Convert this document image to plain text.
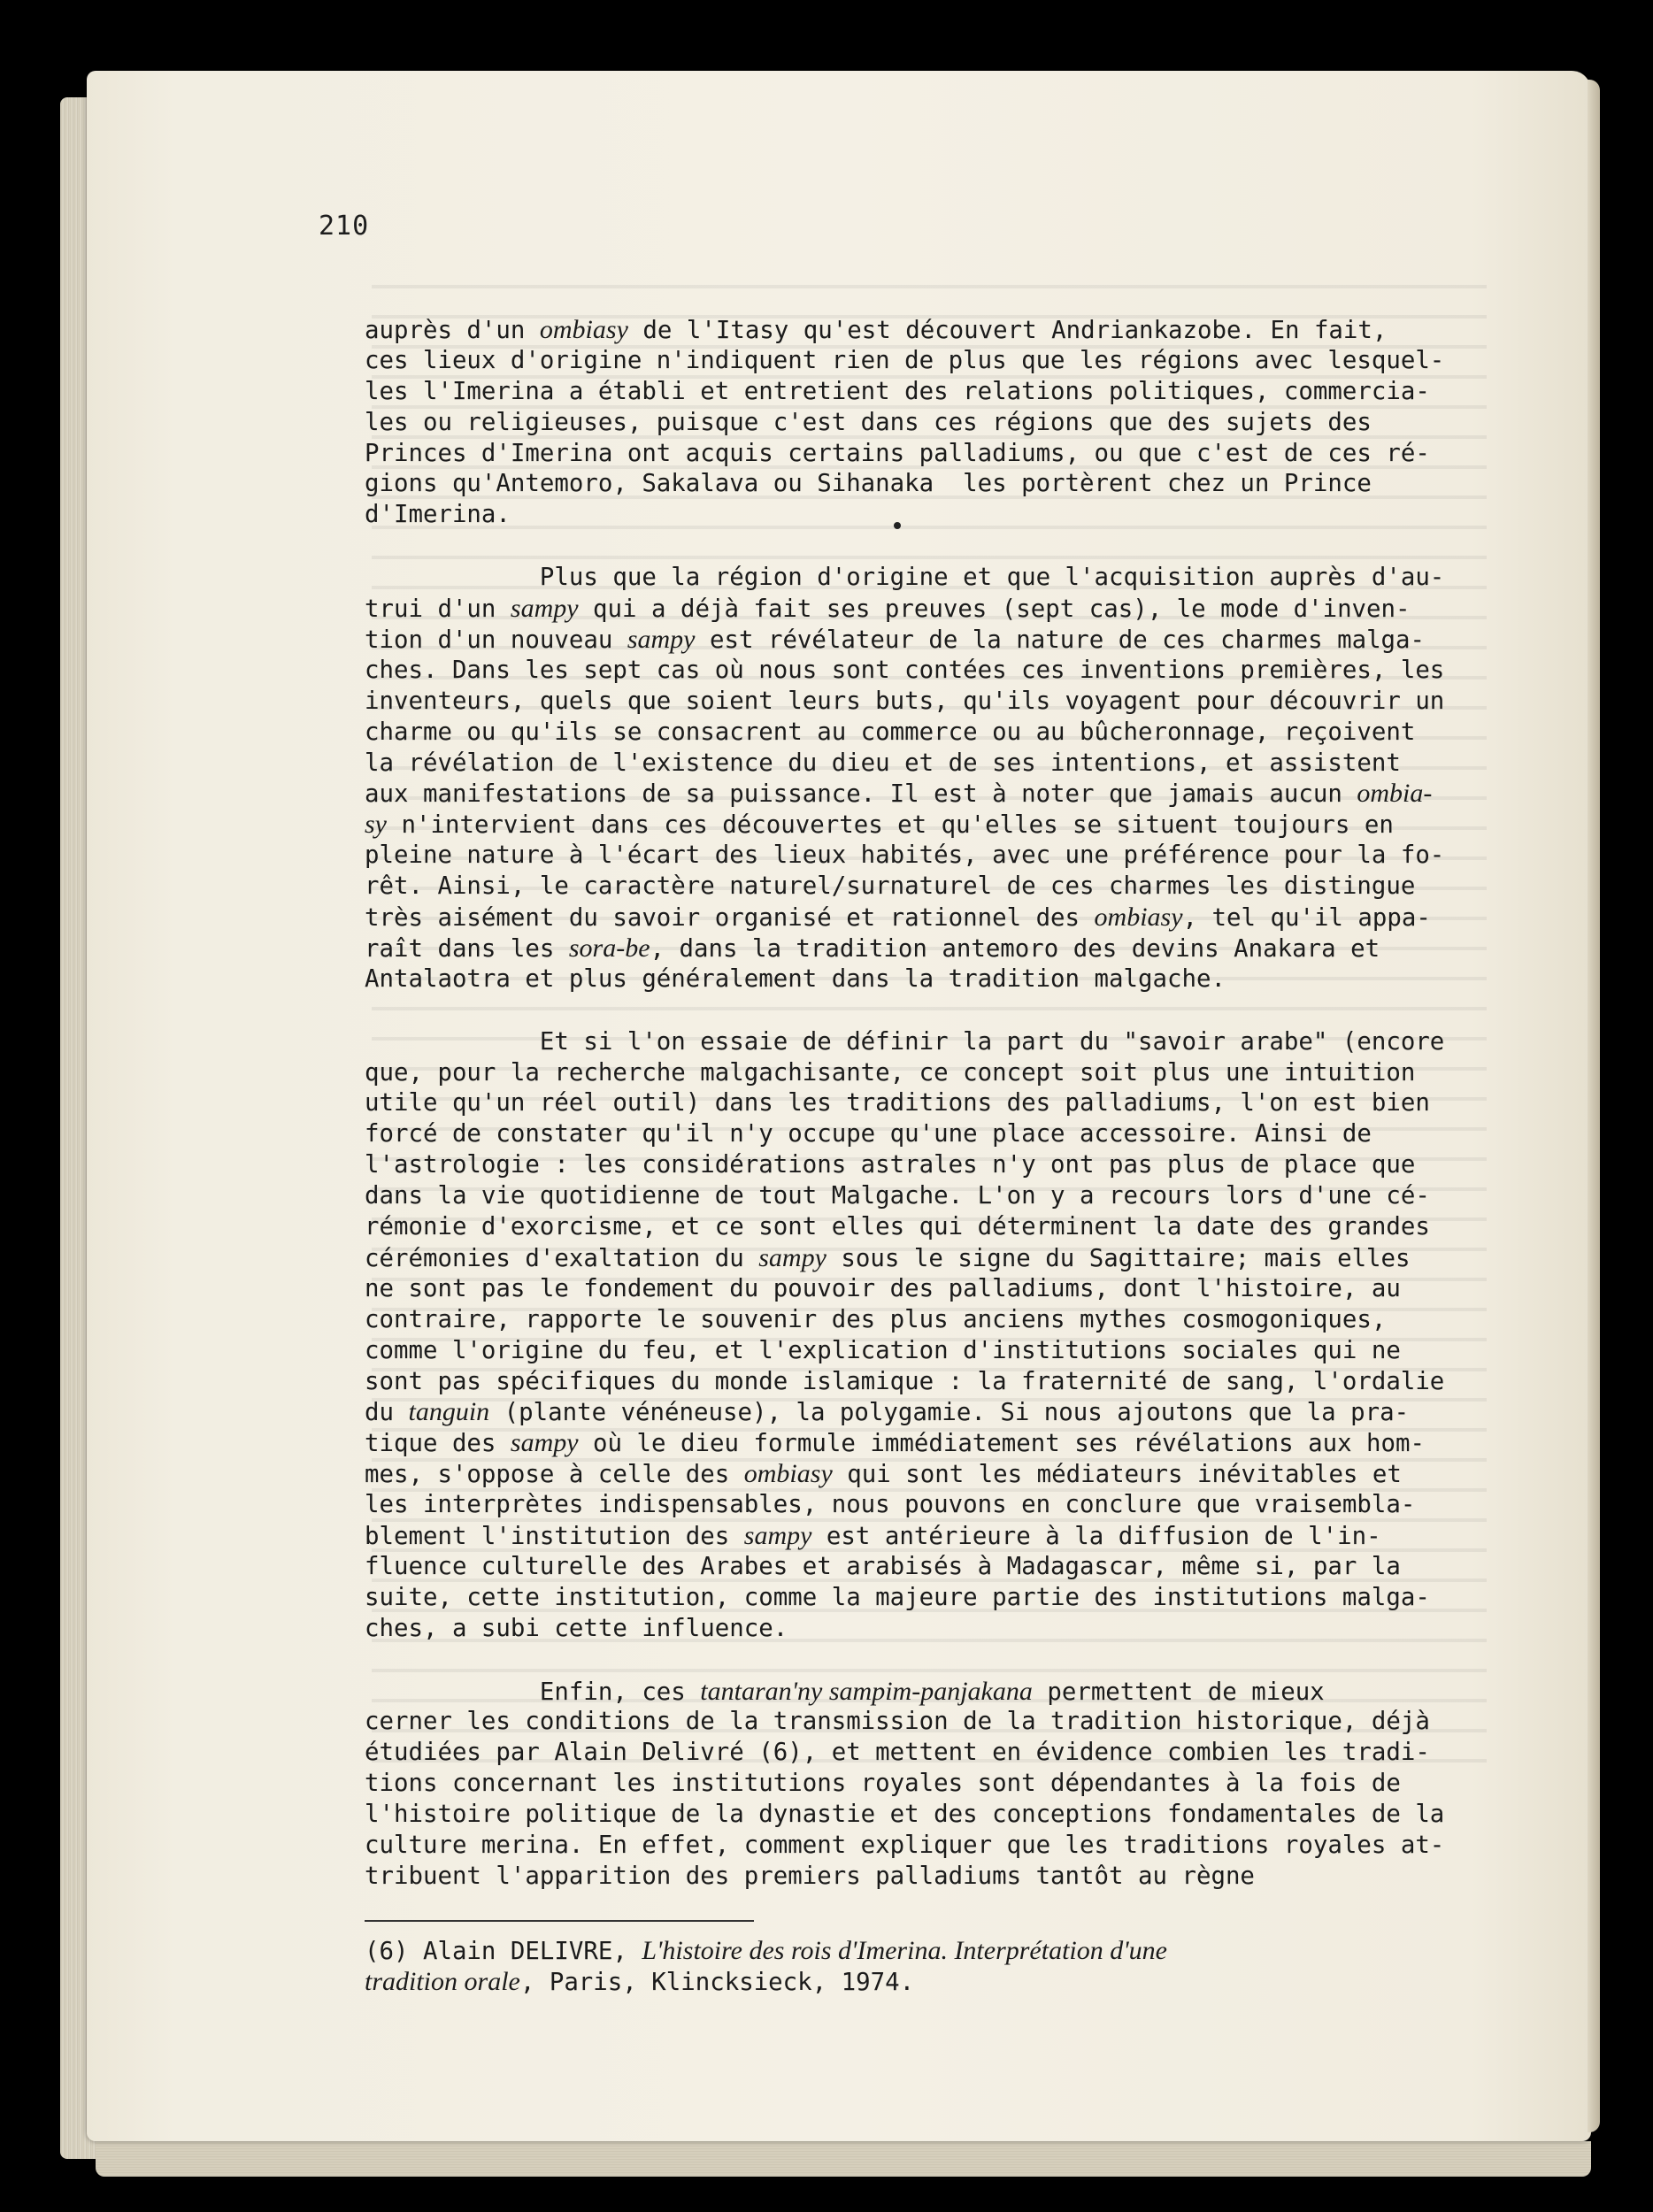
210
auprès d'un ombiasy de l'Itasy qu'est découvert Andriankazobe. En fait,
ces lieux d'origine n'indiquent rien de plus que les régions avec lesquel-
les l'Imerina a établi et entretient des relations politiques, commercia-
les ou religieuses, puisque c'est dans ces régions que des sujets des
Princes d'Imerina ont acquis certains palladiums, ou que c'est de ces ré-
gions qu'Antemoro, Sakalava ou Sihanaka  les portèrent chez un Prince
d'Imerina.
Plus que la région d'origine et que l'acquisition auprès d'au-
trui d'un sampy qui a déjà fait ses preuves (sept cas), le mode d'inven-
tion d'un nouveau sampy est révélateur de la nature de ces charmes malga-
ches. Dans les sept cas où nous sont contées ces inventions premières, les
inventeurs, quels que soient leurs buts, qu'ils voyagent pour découvrir un
charme ou qu'ils se consacrent au commerce ou au bûcheronnage, reçoivent
la révélation de l'existence du dieu et de ses intentions, et assistent
aux manifestations de sa puissance. Il est à noter que jamais aucun ombia-
sy n'intervient dans ces découvertes et qu'elles se situent toujours en
pleine nature à l'écart des lieux habités, avec une préférence pour la fo-
rêt. Ainsi, le caractère naturel/surnaturel de ces charmes les distingue
très aisément du savoir organisé et rationnel des ombiasy, tel qu'il appa-
raît dans les sora-be, dans la tradition antemoro des devins Anakara et
Antalaotra et plus généralement dans la tradition malgache.
Et si l'on essaie de définir la part du "savoir arabe" (encore
que, pour la recherche malgachisante, ce concept soit plus une intuition
utile qu'un réel outil) dans les traditions des palladiums, l'on est bien
forcé de constater qu'il n'y occupe qu'une place accessoire. Ainsi de
l'astrologie : les considérations astrales n'y ont pas plus de place que
dans la vie quotidienne de tout Malgache. L'on y a recours lors d'une cé-
rémonie d'exorcisme, et ce sont elles qui déterminent la date des grandes
cérémonies d'exaltation du sampy sous le signe du Sagittaire; mais elles
ne sont pas le fondement du pouvoir des palladiums, dont l'histoire, au
contraire, rapporte le souvenir des plus anciens mythes cosmogoniques,
comme l'origine du feu, et l'explication d'institutions sociales qui ne
sont pas spécifiques du monde islamique : la fraternité de sang, l'ordalie
du tanguin (plante vénéneuse), la polygamie. Si nous ajoutons que la pra-
tique des sampy où le dieu formule immédiatement ses révélations aux hom-
mes, s'oppose à celle des ombiasy qui sont les médiateurs inévitables et
les interprètes indispensables, nous pouvons en conclure que vraisembla-
blement l'institution des sampy est antérieure à la diffusion de l'in-
fluence culturelle des Arabes et arabisés à Madagascar, même si, par la
suite, cette institution, comme la majeure partie des institutions malga-
ches, a subi cette influence.
Enfin, ces tantaran'ny sampim-panjakana permettent de mieux
cerner les conditions de la transmission de la tradition historique, déjà
étudiées par Alain Delivré (6), et mettent en évidence combien les tradi-
tions concernant les institutions royales sont dépendantes à la fois de
l'histoire politique de la dynastie et des conceptions fondamentales de la
culture merina. En effet, comment expliquer que les traditions royales at-
tribuent l'apparition des premiers palladiums tantôt au règne
(6) Alain DELIVRE, L'histoire des rois d'Imerina. Interprétation d'une
tradition orale, Paris, Klincksieck, 1974.
